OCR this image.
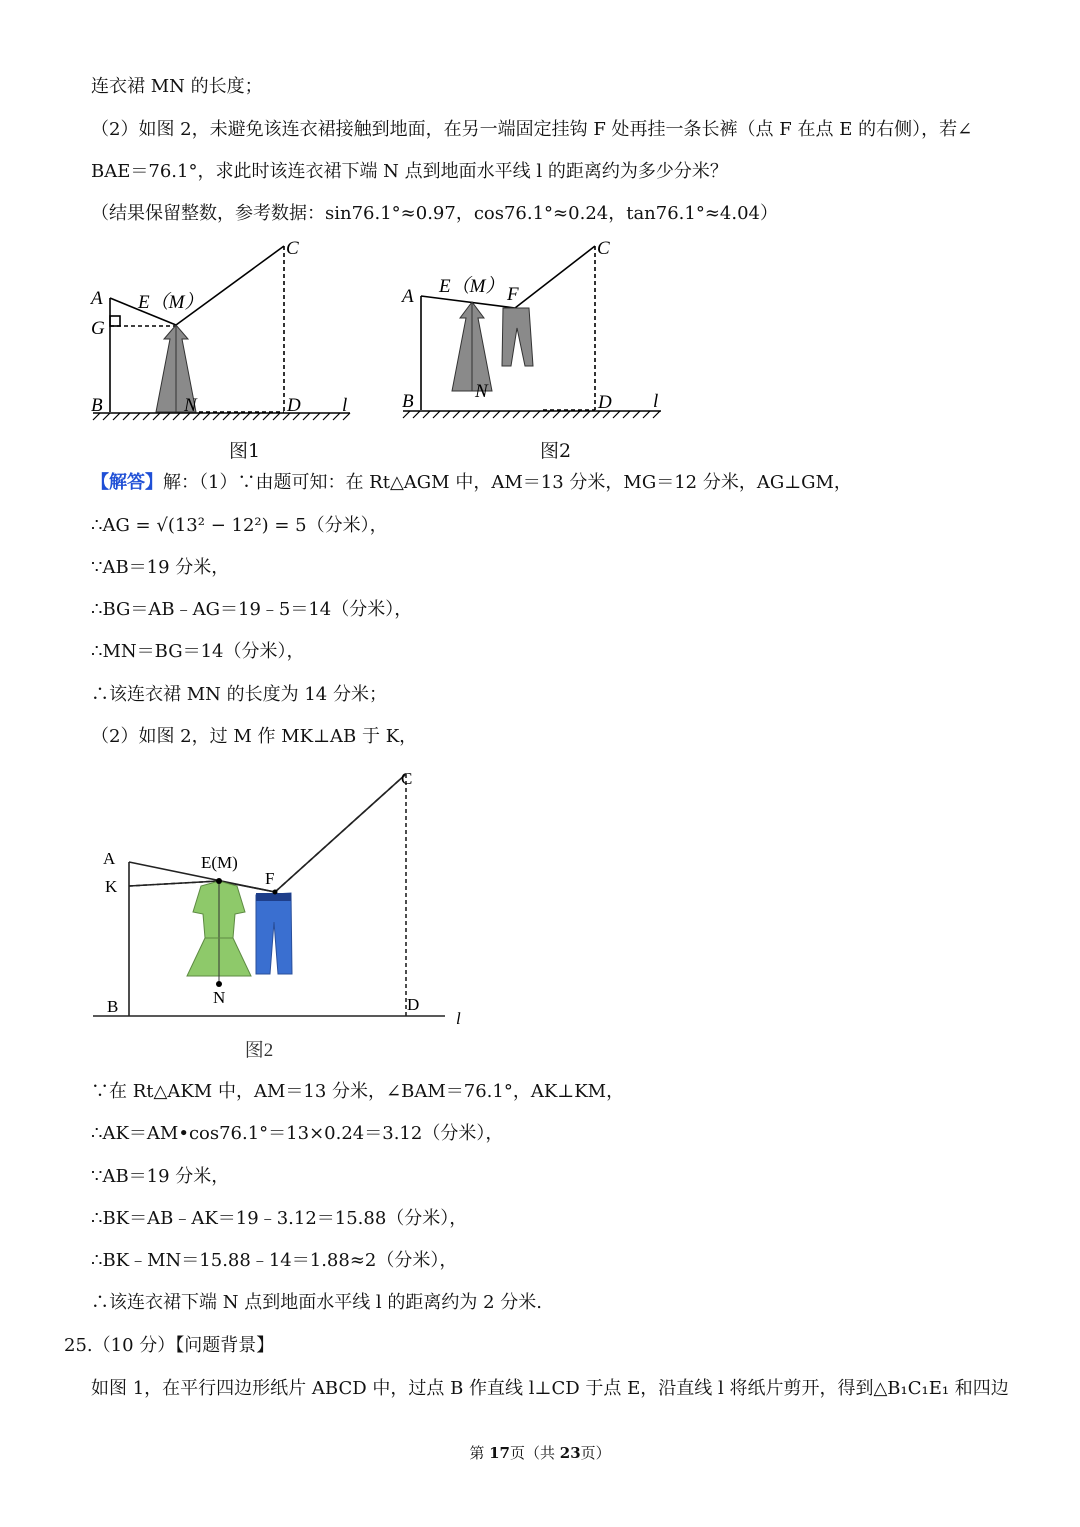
连衣裙 MN 的长度；
（2）如图 2，未避免该连衣裙接触到地面，在另一端固定挂钩 F 处再挂一条长裤（点 F 在点 E 的右侧），若∠
BAE＝76.1°，求此时该连衣裙下端 N 点到地面水平线 l 的距离约为多少分米？
（结果保留整数，参考数据：sin76.1°≈0.97，cos76.1°≈0.24，tan76.1°≈4.04）
A
G
B
E（M）
N
C
D l
图1
A
B
E（M） F
N
C
D l
图2
【解答】解：（1）∵由题可知：在 Rt△AGM 中，AM＝13 分米，MG＝12 分米，AG⊥GM，
∴AG = √(13² − 12²) = 5（分米），
∵AB＝19 分米，
∴BG＝AB﹣AG＝19﹣5＝14（分米），
∴MN＝BG＝14（分米），
∴该连衣裙 MN 的长度为 14 分米；
（2）如图 2，过 M 作 MK⊥AB 于 K，
A
K
B
E(M)
F
N
C
D
l
图2
∵在 Rt△AKM 中，AM＝13 分米，∠BAM＝76.1°，AK⊥KM，
∴AK＝AM•cos76.1°＝13×0.24＝3.12（分米），
∵AB＝19 分米，
∴BK＝AB﹣AK＝19﹣3.12＝15.88（分米），
∴BK﹣MN＝15.88﹣14＝1.88≈2（分米），
∴该连衣裙下端 N 点到地面水平线 l 的距离约为 2 分米.
25.（10 分）【问题背景】
如图 1，在平行四边形纸片 ABCD 中，过点 B 作直线 l⊥CD 于点 E，沿直线 l 将纸片剪开，得到△B₁C₁E₁ 和四边
第 17页（共 23页）
